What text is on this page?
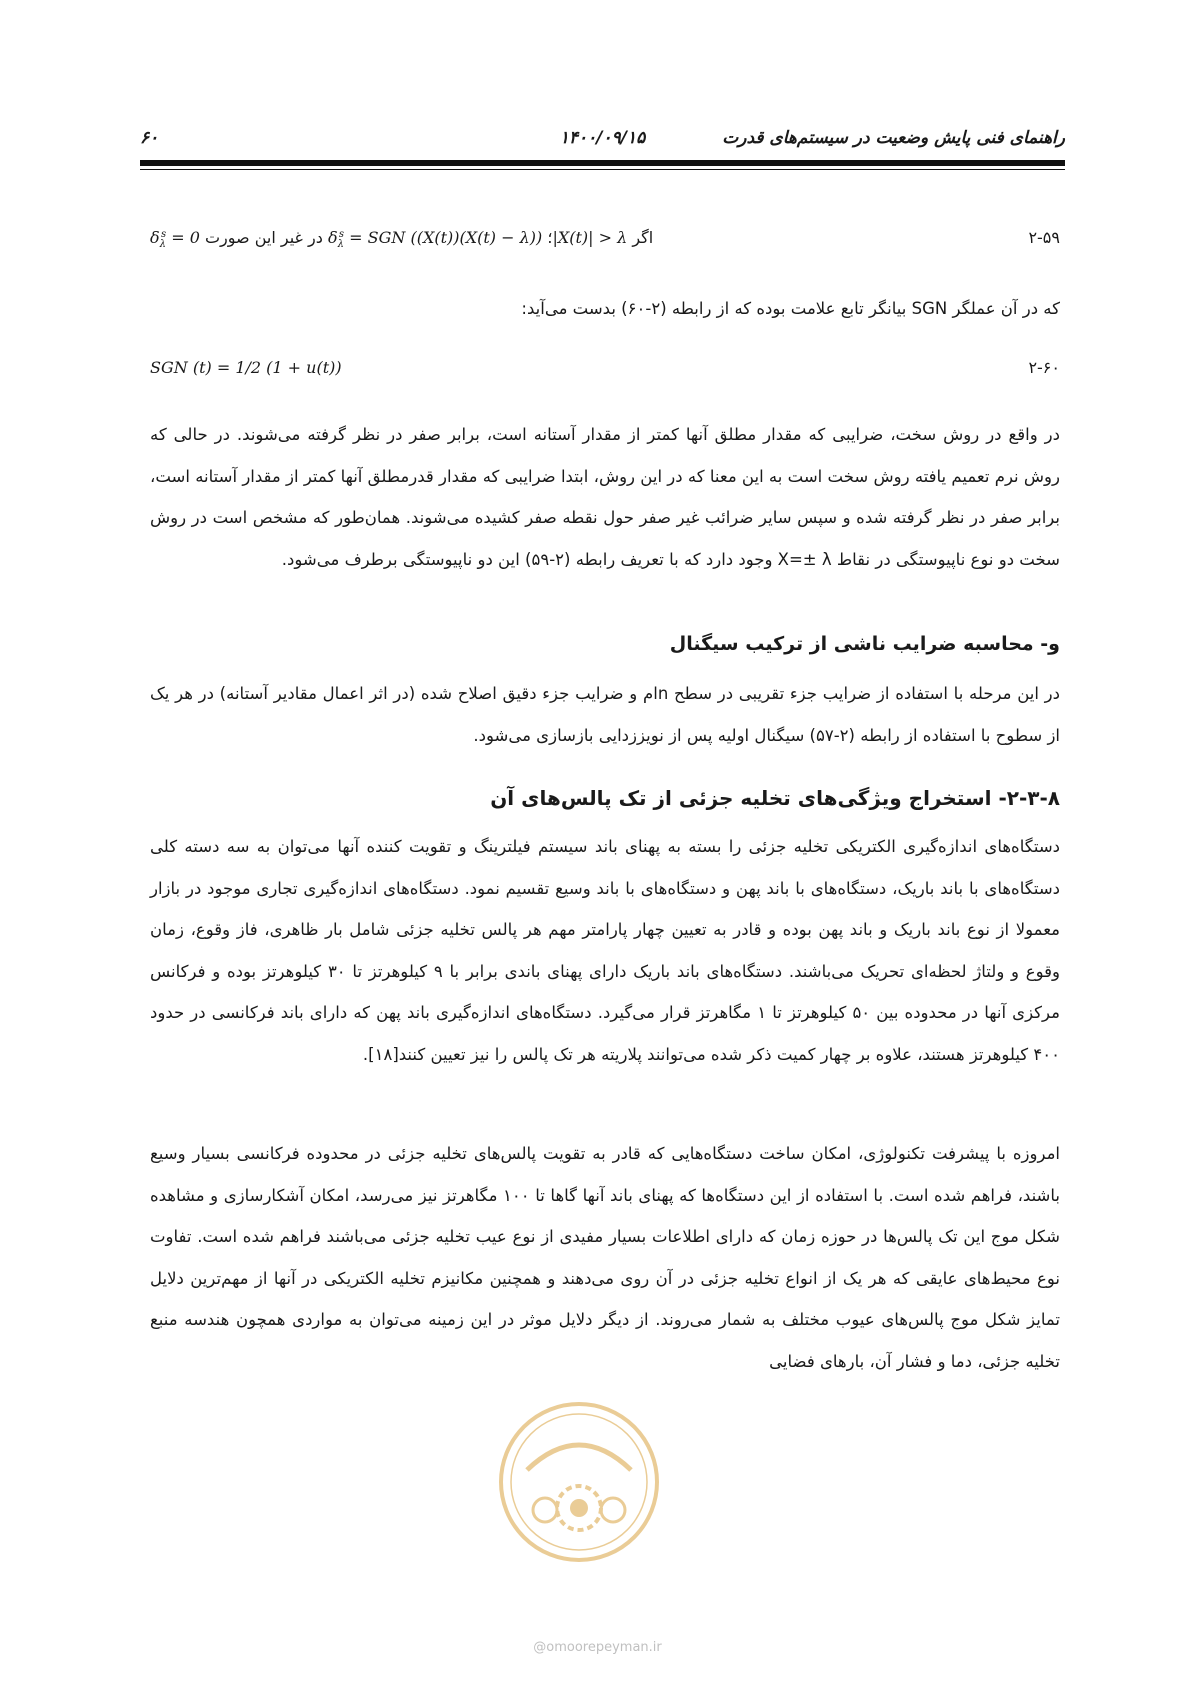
راهنمای فنی پایش وضعیت در سیستم‌های قدرت
۱۴۰۰/۰۹/۱۵
۶۰
۲-۵۹
$\delta_\lambda^s = 0$ در غیر این صورت $\delta_\lambda^s$ = SGN ((X(t))(X(t) − λ)) ؛|X(t)| > λ اگر
که در آن عملگر SGN بیانگر تابع علامت بوده که از رابطه (۲-۶۰) بدست می‌آید:
۲-۶۰
SGN (t) = 1/2 (1 + u(t))
در واقع در روش سخت، ضرایبی که مقدار مطلق آنها کمتر از مقدار آستانه است، برابر صفر در نظر گرفته می‌شوند. در حالی که روش نرم تعمیم یافته روش سخت است به این معنا که در این روش، ابتدا ضرایبی که مقدار قدرمطلق آنها کمتر از مقدار آستانه است، برابر صفر در نظر گرفته شده و سپس سایر ضرائب غیر صفر حول نقطه صفر کشیده می‌شوند. همان‌طور که مشخص است در روش سخت دو نوع ناپیوستگی در نقاط X=± λ وجود دارد که با تعریف رابطه (۲-۵۹) این دو ناپیوستگی برطرف می‌شود.
و- محاسبه ضرایب ناشی از ترکیب سیگنال
در این مرحله با استفاده از ضرایب جزء تقریبی در سطح nام و ضرایب جزء دقیق اصلاح شده (در اثر اعمال مقادیر آستانه) در هر یک از سطوح با استفاده از رابطه (۲-۵۷) سیگنال اولیه پس از نویززدایی بازسازی می‌شود.
۲-۳-۸- استخراج ویژگی‌های تخلیه جزئی از تک پالس‌های آن
دستگاه‌های اندازه‌گیری الکتریکی تخلیه جزئی را بسته به پهنای باند سیستم فیلترینگ و تقویت کننده آنها می‌توان به سه دسته کلی دستگاه‌های با باند باریک، دستگاه‌های با باند پهن و دستگاه‌های با باند وسیع تقسیم نمود. دستگاه‌های اندازه‌گیری تجاری موجود در بازار معمولا از نوع باند باریک و باند پهن بوده و قادر به تعیین چهار پارامتر مهم هر پالس تخلیه جزئی شامل بار ظاهری، فاز وقوع، زمان وقوع و ولتاژ لحظه‌ای تحریک می‌باشند. دستگاه‌های باند باریک دارای پهنای باندی برابر با ۹ کیلوهرتز تا ۳۰ کیلوهرتز بوده و فرکانس مرکزی آنها در محدوده بین ۵۰ کیلوهرتز تا ۱ مگاهرتز قرار می‌گیرد. دستگاه‌های اندازه‌گیری باند پهن که دارای باند فرکانسی در حدود ۴۰۰ کیلوهرتز هستند، علاوه بر چهار کمیت ذکر شده می‌توانند پلاریته هر تک پالس را نیز تعیین کنند[۱۸].
امروزه با پیشرفت تکنولوژی، امکان ساخت دستگاه‌هایی که قادر به تقویت پالس‌های تخلیه جزئی در محدوده فرکانسی بسیار وسیع باشند، فراهم شده است. با استفاده از این دستگاه‌ها که پهنای باند آنها گاها تا ۱۰۰ مگاهرتز نیز می‌رسد، امکان آشکارسازی و مشاهده شکل موج این تک پالس‌ها در حوزه زمان که دارای اطلاعات بسیار مفیدی از نوع عیب تخلیه جزئی می‌باشند فراهم شده است. تفاوت نوع محیط‌های عایقی که هر یک از انواع تخلیه جزئی در آن روی می‌دهند و همچنین مکانیزم تخلیه الکتریکی در آنها از مهم‌ترین دلایل تمایز شکل موج پالس‌های عیوب مختلف به شمار می‌روند. از دیگر دلایل موثر در این زمینه می‌توان به مواردی همچون هندسه منبع تخلیه جزئی، دما و فشار آن، بارهای فضایی
@omoorepeyman.ir
